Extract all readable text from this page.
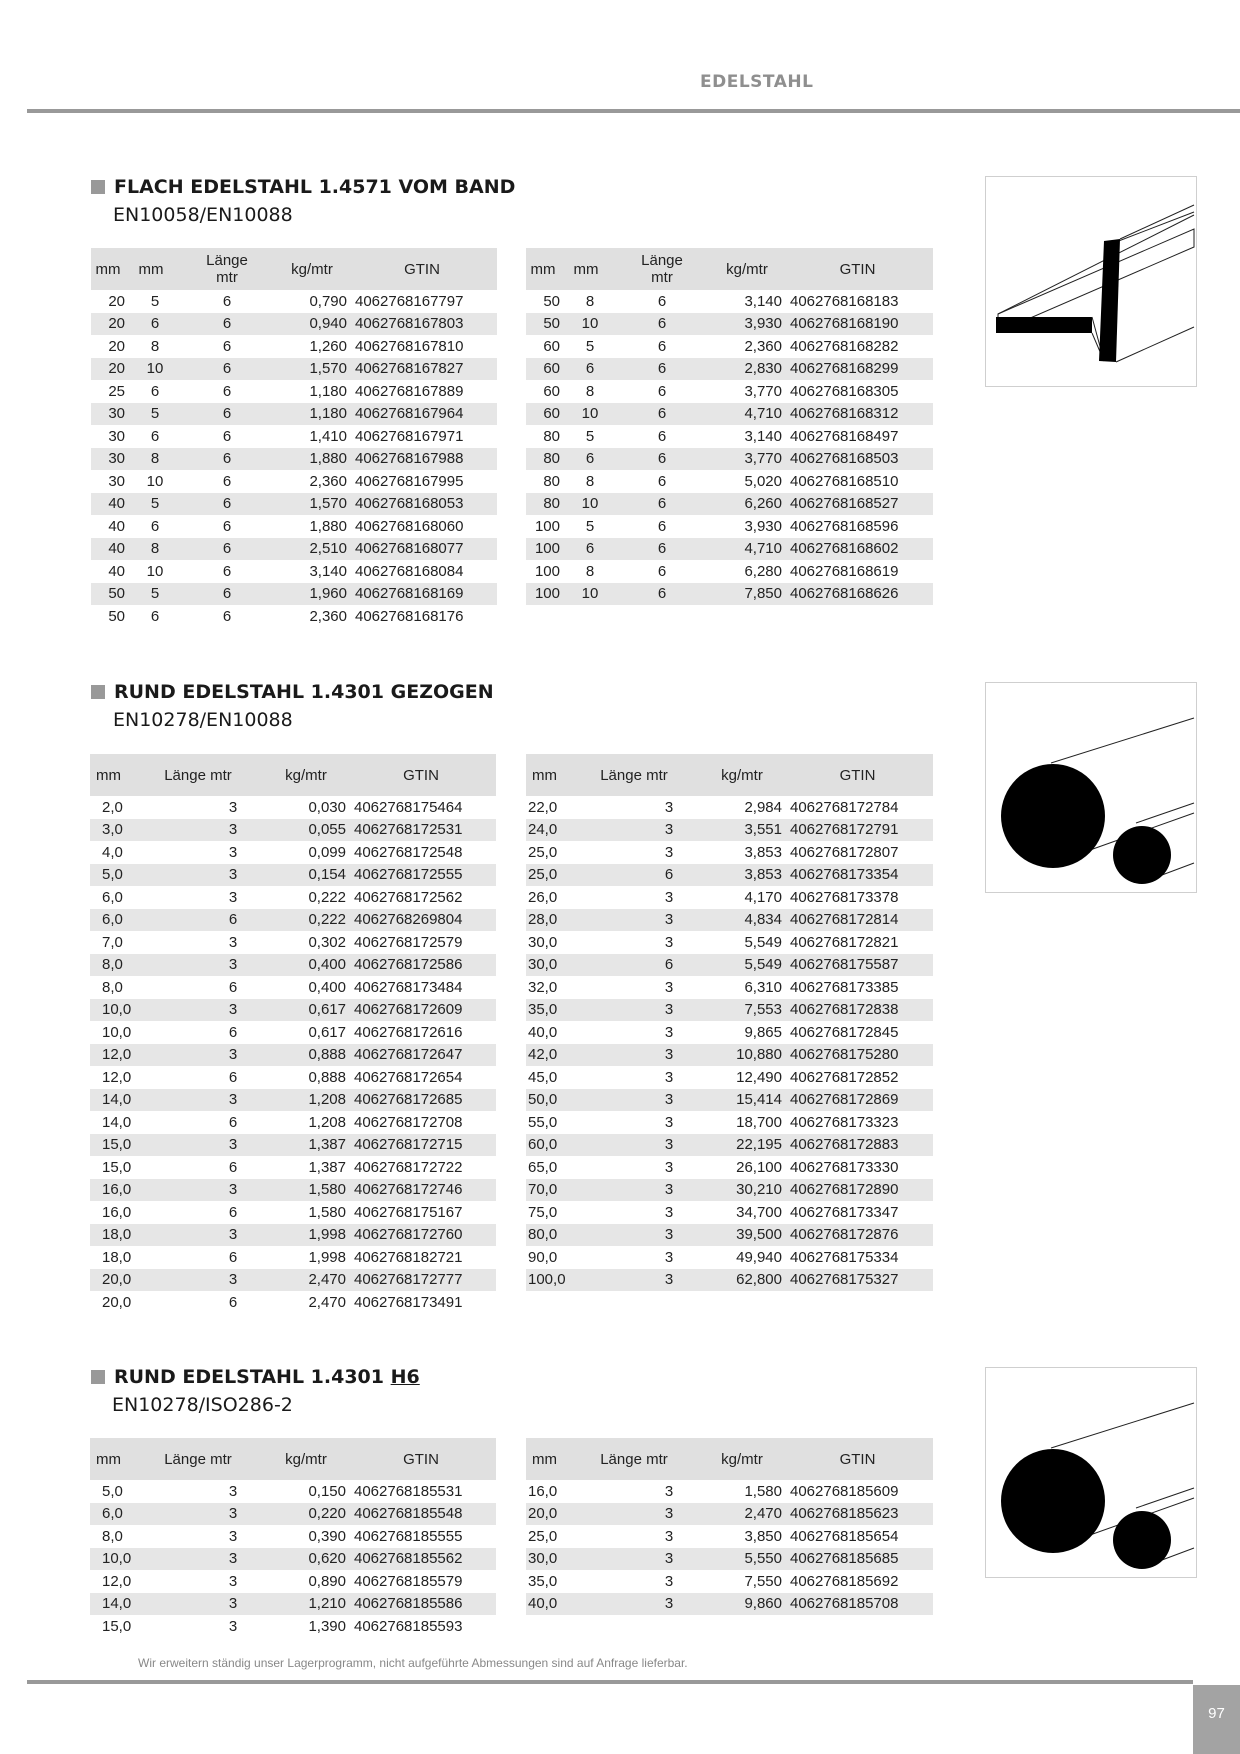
EDELSTAHL
FLACH EDELSTAHL 1.4571 VOM BAND
EN10058/EN10088
mm	mm	Länge mtr	kg/mtr	GTIN
20	5	6	0,790	4062768167797
20	6	6	0,940	4062768167803
20	8	6	1,260	4062768167810
20	10	6	1,570	4062768167827
25	6	6	1,180	4062768167889
30	5	6	1,180	4062768167964
30	6	6	1,410	4062768167971
30	8	6	1,880	4062768167988
30	10	6	2,360	4062768167995
40	5	6	1,570	4062768168053
40	6	6	1,880	4062768168060
40	8	6	2,510	4062768168077
40	10	6	3,140	4062768168084
50	5	6	1,960	4062768168169
50	6	6	2,360	4062768168176
mm	mm	Länge mtr	kg/mtr	GTIN
50	8	6	3,140	4062768168183
50	10	6	3,930	4062768168190
60	5	6	2,360	4062768168282
60	6	6	2,830	4062768168299
60	8	6	3,770	4062768168305
60	10	6	4,710	4062768168312
80	5	6	3,140	4062768168497
80	6	6	3,770	4062768168503
80	8	6	5,020	4062768168510
80	10	6	6,260	4062768168527
100	5	6	3,930	4062768168596
100	6	6	4,710	4062768168602
100	8	6	6,280	4062768168619
100	10	6	7,850	4062768168626
RUND EDELSTAHL 1.4301 GEZOGEN
EN10278/EN10088
mm	Länge mtr	kg/mtr	GTIN
2,0	3	0,030	4062768175464
3,0	3	0,055	4062768172531
4,0	3	0,099	4062768172548
5,0	3	0,154	4062768172555
6,0	3	0,222	4062768172562
6,0	6	0,222	4062768269804
7,0	3	0,302	4062768172579
8,0	3	0,400	4062768172586
8,0	6	0,400	4062768173484
10,0	3	0,617	4062768172609
10,0	6	0,617	4062768172616
12,0	3	0,888	4062768172647
12,0	6	0,888	4062768172654
14,0	3	1,208	4062768172685
14,0	6	1,208	4062768172708
15,0	3	1,387	4062768172715
15,0	6	1,387	4062768172722
16,0	3	1,580	4062768172746
16,0	6	1,580	4062768175167
18,0	3	1,998	4062768172760
18,0	6	1,998	4062768182721
20,0	3	2,470	4062768172777
20,0	6	2,470	4062768173491
mm	Länge mtr	kg/mtr	GTIN
22,0	3	2,984	4062768172784
24,0	3	3,551	4062768172791
25,0	3	3,853	4062768172807
25,0	6	3,853	4062768173354
26,0	3	4,170	4062768173378
28,0	3	4,834	4062768172814
30,0	3	5,549	4062768172821
30,0	6	5,549	4062768175587
32,0	3	6,310	4062768173385
35,0	3	7,553	4062768172838
40,0	3	9,865	4062768172845
42,0	3	10,880	4062768175280
45,0	3	12,490	4062768172852
50,0	3	15,414	4062768172869
55,0	3	18,700	4062768173323
60,0	3	22,195	4062768172883
65,0	3	26,100	4062768173330
70,0	3	30,210	4062768172890
75,0	3	34,700	4062768173347
80,0	3	39,500	4062768172876
90,0	3	49,940	4062768175334
100,0	3	62,800	4062768175327
RUND EDELSTAHL 1.4301 H6
EN10278/ISO286-2
mm	Länge mtr	kg/mtr	GTIN
5,0	3	0,150	4062768185531
6,0	3	0,220	4062768185548
8,0	3	0,390	4062768185555
10,0	3	0,620	4062768185562
12,0	3	0,890	4062768185579
14,0	3	1,210	4062768185586
15,0	3	1,390	4062768185593
mm	Länge mtr	kg/mtr	GTIN
16,0	3	1,580	4062768185609
20,0	3	2,470	4062768185623
25,0	3	3,850	4062768185654
30,0	3	5,550	4062768185685
35,0	3	7,550	4062768185692
40,0	3	9,860	4062768185708
Wir erweitern ständig unser Lagerprogramm, nicht aufgeführte Abmessungen sind auf Anfrage lieferbar.
97
